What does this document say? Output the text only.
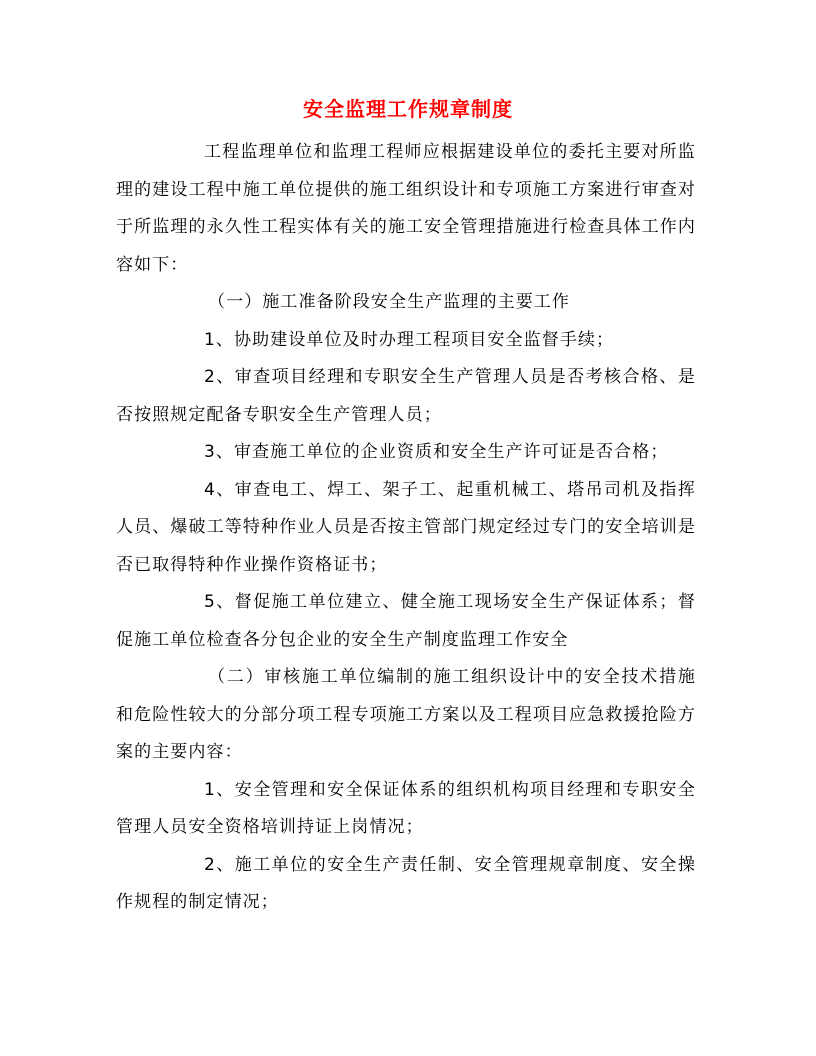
安全监理工作规章制度

工程监理单位和监理工程师应根据建设单位的委托主要对所监理的建设工程中施工单位提供的施工组织设计和专项施工方案进行审查对于所监理的永久性工程实体有关的施工安全管理措施进行检查具体工作内容如下：

（一）施工准备阶段安全生产监理的主要工作

1、协助建设单位及时办理工程项目安全监督手续；

2、审查项目经理和专职安全生产管理人员是否考核合格、是否按照规定配备专职安全生产管理人员；

3、审查施工单位的企业资质和安全生产许可证是否合格；

4、审查电工、焊工、架子工、起重机械工、塔吊司机及指挥人员、爆破工等特种作业人员是否按主管部门规定经过专门的安全培训是否已取得特种作业操作资格证书；

5、督促施工单位建立、健全施工现场安全生产保证体系；督促施工单位检查各分包企业的安全生产制度监理工作安全

（二）审核施工单位编制的施工组织设计中的安全技术措施和危险性较大的分部分项工程专项施工方案以及工程项目应急救援抢险方案的主要内容：

1、安全管理和安全保证体系的组织机构项目经理和专职安全管理人员安全资格培训持证上岗情况；

2、施工单位的安全生产责任制、安全管理规章制度、安全操作规程的制定情况；
